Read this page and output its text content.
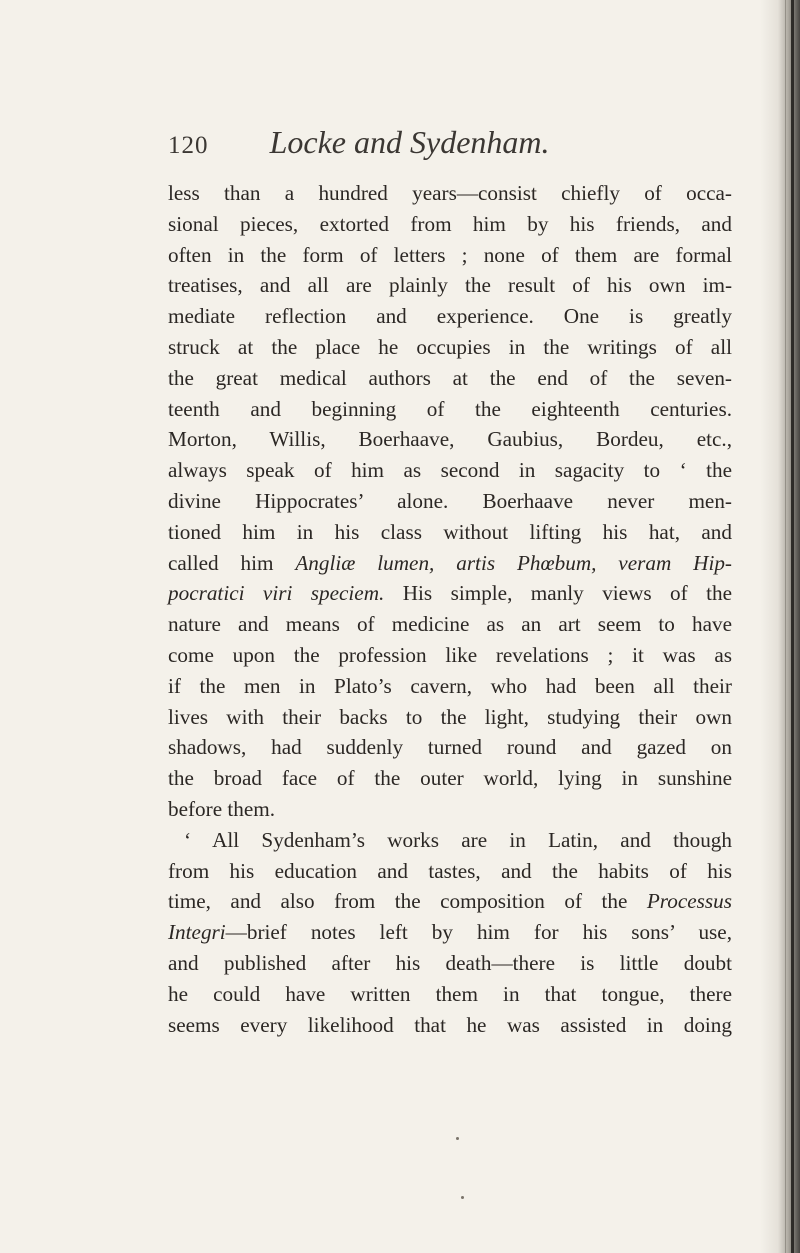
120 Locke and Sydenham.
less than a hundred years—consist chiefly of occa-
sional pieces, extorted from him by his friends, and
often in the form of letters ; none of them are formal
treatises, and all are plainly the result of his own im-
mediate reflection and experience. One is greatly
struck at the place he occupies in the writings of all
the great medical authors at the end of the seven-
teenth and beginning of the eighteenth centuries.
Morton, Willis, Boerhaave, Gaubius, Bordeu, etc.,
always speak of him as second in sagacity to ‘ the
divine Hippocrates’ alone. Boerhaave never men-
tioned him in his class without lifting his hat, and
called him Angliæ lumen, artis Phœbum, veram Hip-
pocratici viri speciem. His simple, manly views of the
nature and means of medicine as an art seem to have
come upon the profession like revelations ; it was as
if the men in Plato’s cavern, who had been all their
lives with their backs to the light, studying their own
shadows, had suddenly turned round and gazed on
the broad face of the outer world, lying in sunshine
before them.
‘ All Sydenham’s works are in Latin, and though
from his education and tastes, and the habits of his
time, and also from the composition of the Processus
Integri—brief notes left by him for his sons’ use,
and published after his death—there is little doubt
he could have written them in that tongue, there
seems every likelihood that he was assisted in doing
